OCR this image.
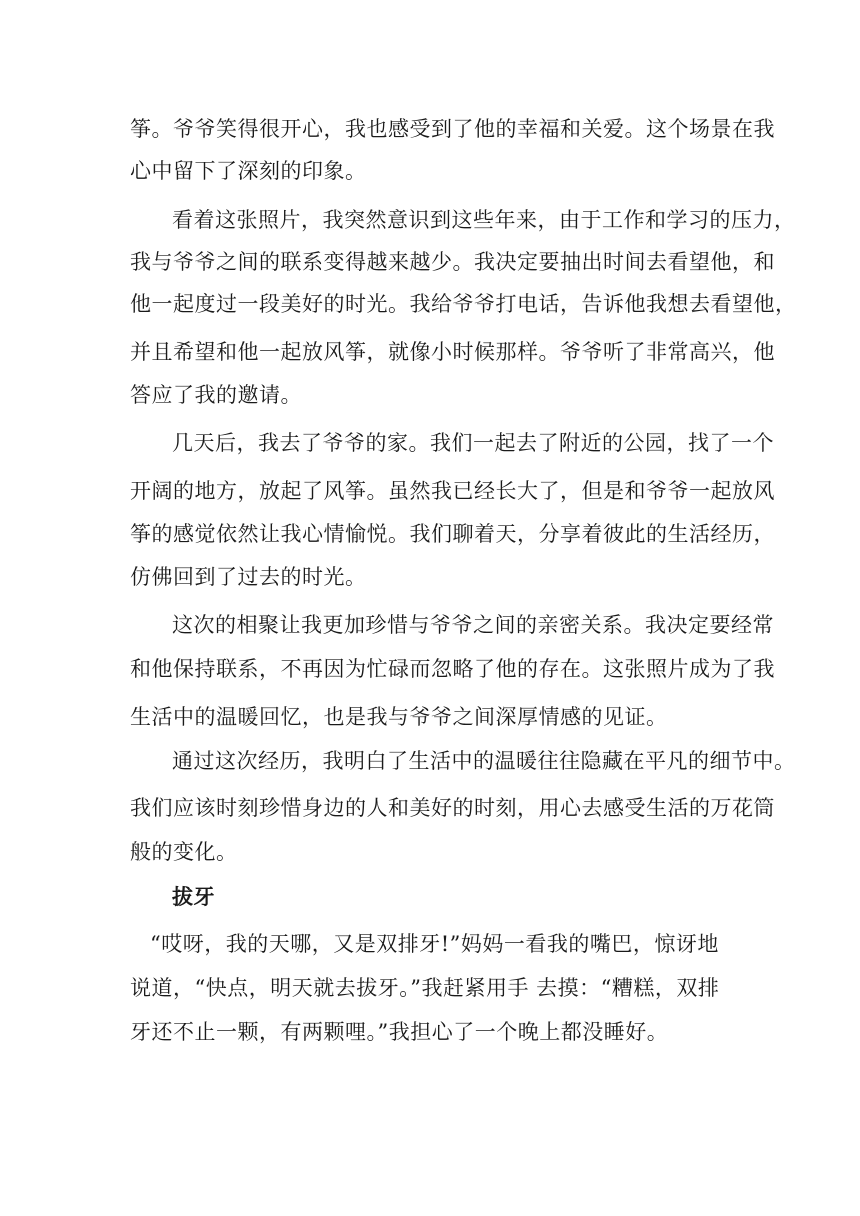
筝。爷爷笑得很开心，我也感受到了他的幸福和关爱。这个场景在我
心中留下了深刻的印象。
看着这张照片，我突然意识到这些年来，由于工作和学习的压力，
我与爷爷之间的联系变得越来越少。我决定要抽出时间去看望他，和
他一起度过一段美好的时光。我给爷爷打电话，告诉他我想去看望他，
并且希望和他一起放风筝，就像小时候那样。爷爷听了非常高兴，他
答应了我的邀请。
几天后，我去了爷爷的家。我们一起去了附近的公园，找了一个
开阔的地方，放起了风筝。虽然我已经长大了，但是和爷爷一起放风
筝的感觉依然让我心情愉悦。我们聊着天，分享着彼此的生活经历，
仿佛回到了过去的时光。
这次的相聚让我更加珍惜与爷爷之间的亲密关系。我决定要经常
和他保持联系，不再因为忙碌而忽略了他的存在。这张照片成为了我
生活中的温暖回忆，也是我与爷爷之间深厚情感的见证。
通过这次经历，我明白了生活中的温暖往往隐藏在平凡的细节中。
我们应该时刻珍惜身边的人和美好的时刻，用心去感受生活的万花筒
般的变化。
拔牙
“哎呀，我的天哪，又是双排牙!”妈妈一看我的嘴巴，惊讶地
说道，“快点，明天就去拔牙。”我赶紧用手 去摸：“糟糕，双排
牙还不止一颗，有两颗哩。”我担心了一个晚上都没睡好。
